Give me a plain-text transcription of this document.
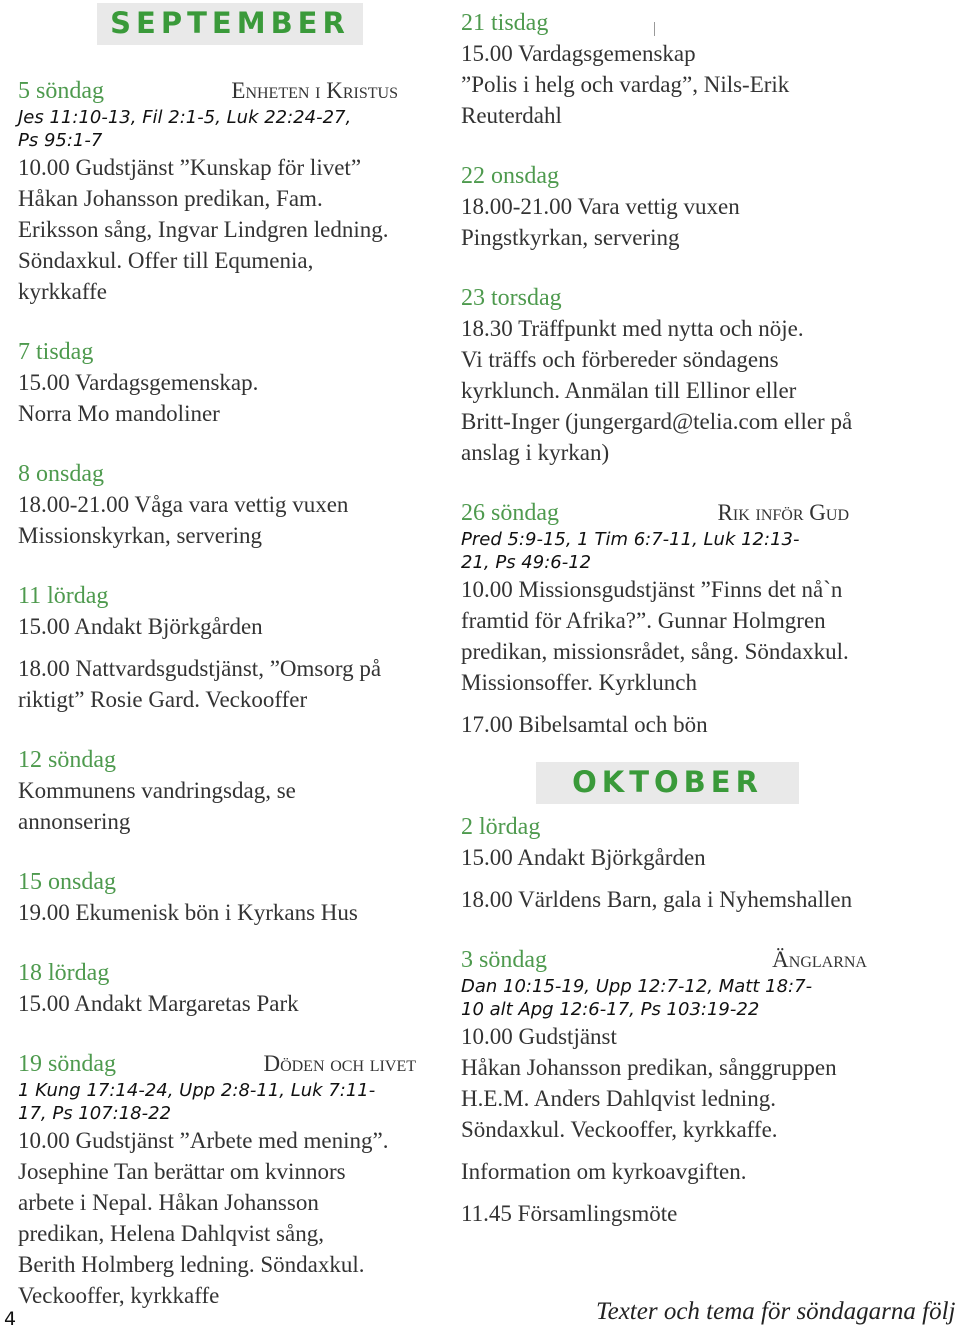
SEPTEMBER
5 söndag	Enheten i Kristus
Jes 11:10-13, Fil 2:1-5, Luk 22:24-27,
Ps 95:1-7
10.00 Gudstjänst ”Kunskap för livet”
Håkan Johansson predikan, Fam.
Eriksson sång, Ingvar Lindgren ledning.
Söndaxkul. Offer till Equmenia,
kyrkkaffe
7 tisdag
15.00 Vardagsgemenskap.
Norra Mo mandoliner
8 onsdag
18.00-21.00 Våga vara vettig vuxen
Missionskyrkan, servering
11 lördag
15.00 Andakt Björkgården
18.00 Nattvardsgudstjänst, ”Omsorg på
riktigt” Rosie Gard. Veckooffer
12 söndag
Kommunens vandringsdag, se
annonsering
15 onsdag
19.00 Ekumenisk bön i Kyrkans Hus
18 lördag
15.00 Andakt Margaretas Park
19 söndag	Döden och livet
1 Kung 17:14-24, Upp 2:8-11, Luk 7:11-
17, Ps 107:18-22
10.00 Gudstjänst ”Arbete med mening”.
Josephine Tan berättar om kvinnors
arbete i Nepal. Håkan Johansson
predikan, Helena Dahlqvist sång,
Berith Holmberg ledning. Söndaxkul.
Veckooffer, kyrkkaffe
21 tisdag
15.00 Vardagsgemenskap
”Polis i helg och vardag”, Nils-Erik
Reuterdahl
22 onsdag
18.00-21.00 Vara vettig vuxen
Pingstkyrkan, servering
23 torsdag
18.30 Träffpunkt med nytta och nöje.
Vi träffs och förbereder söndagens
kyrklunch. Anmälan till Ellinor eller
Britt-Inger (jungergard@telia.com eller på
anslag i kyrkan)
26 söndag	Rik inför Gud
Pred 5:9-15, 1 Tim 6:7-11, Luk 12:13-
21, Ps 49:6-12
10.00 Missionsgudstjänst ”Finns det nå`n
framtid för Afrika?”. Gunnar Holmgren
predikan, missionsrådet, sång. Söndaxkul.
Missionsoffer. Kyrklunch
17.00 Bibelsamtal och bön
OKTOBER
2 lördag
15.00 Andakt Björkgården
18.00 Världens Barn, gala i Nyhemshallen
3 söndag	Änglarna
Dan 10:15-19, Upp 12:7-12, Matt 18:7-
10 alt Apg 12:6-17, Ps 103:19-22
10.00 Gudstjänst
Håkan Johansson predikan, sånggruppen
H.E.M. Anders Dahlqvist ledning.
Söndaxkul. Veckooffer, kyrkkaffe.
Information om kyrkoavgiften.
11.45 Församlingsmöte
4	Texter och tema för söndagarna följ
